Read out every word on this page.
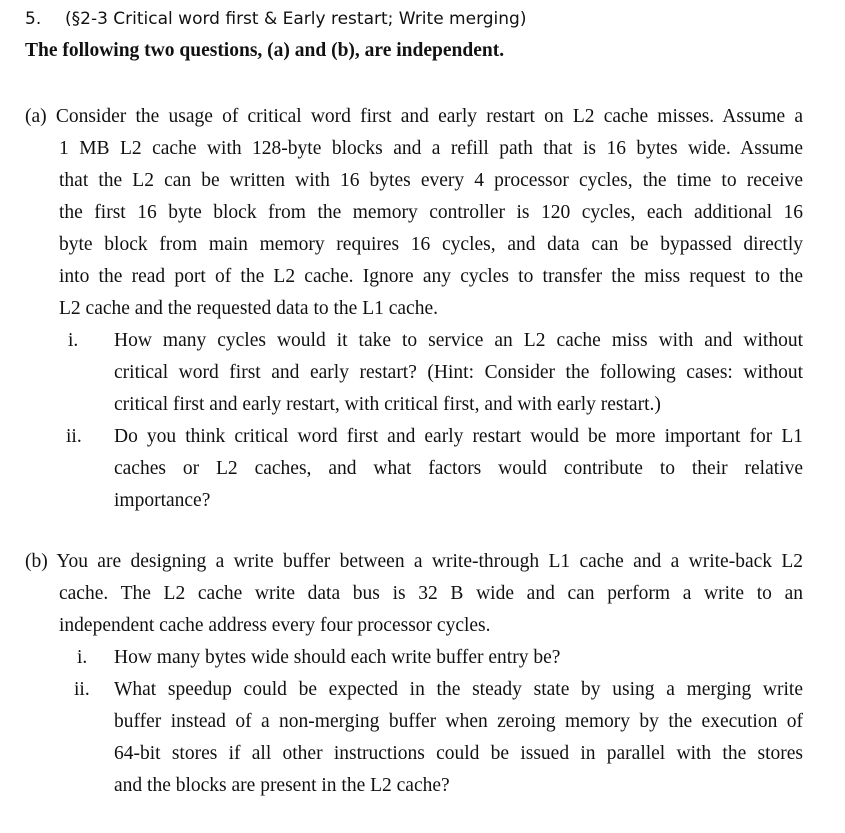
5. (§2-3 Critical word first & Early restart; Write merging)
The following two questions, (a) and (b), are independent.
(a) Consider the usage of critical word first and early restart on L2 cache misses. Assume a
1 MB L2 cache with 128-byte blocks and a refill path that is 16 bytes wide. Assume
that the L2 can be written with 16 bytes every 4 processor cycles, the time to receive
the first 16 byte block from the memory controller is 120 cycles, each additional 16
byte block from main memory requires 16 cycles, and data can be bypassed directly
into the read port of the L2 cache. Ignore any cycles to transfer the miss request to the
L2 cache and the requested data to the L1 cache.
i.	How many cycles would it take to service an L2 cache miss with and without
critical word first and early restart? (Hint: Consider the following cases: without
critical first and early restart, with critical first, and with early restart.)
ii.	Do you think critical word first and early restart would be more important for L1
caches or L2 caches, and what factors would contribute to their relative
importance?
(b) You are designing a write buffer between a write-through L1 cache and a write-back L2
cache. The L2 cache write data bus is 32 B wide and can perform a write to an
independent cache address every four processor cycles.
i.	How many bytes wide should each write buffer entry be?
ii.	What speedup could be expected in the steady state by using a merging write
buffer instead of a non-merging buffer when zeroing memory by the execution of
64-bit stores if all other instructions could be issued in parallel with the stores
and the blocks are present in the L2 cache?
